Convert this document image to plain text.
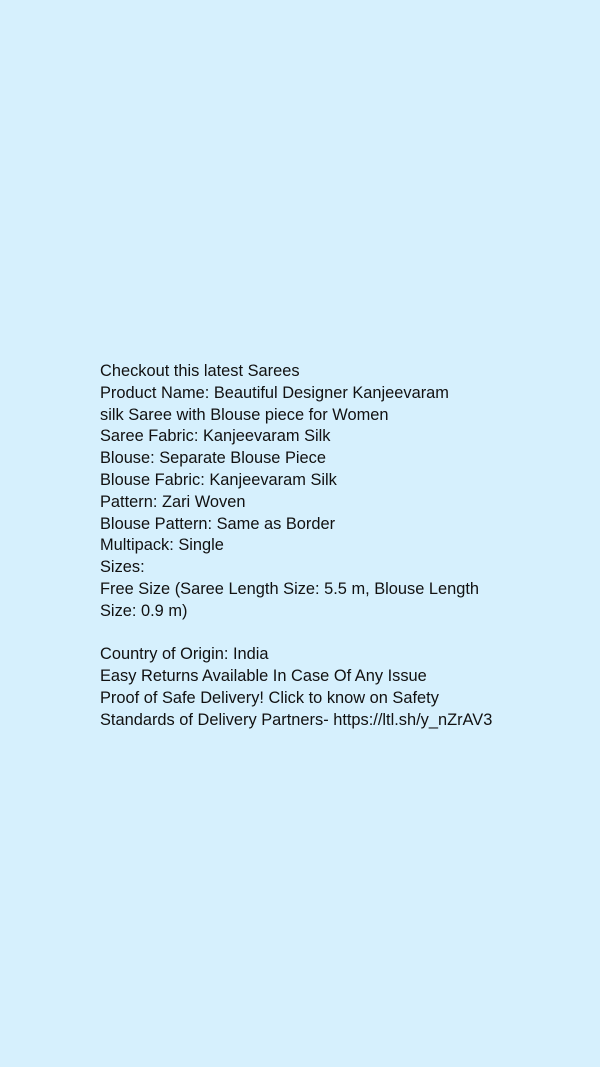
Checkout this latest Sarees
Product Name: Beautiful Designer Kanjeevaram
silk Saree with Blouse piece for Women
Saree Fabric: Kanjeevaram Silk
Blouse: Separate Blouse Piece
Blouse Fabric: Kanjeevaram Silk
Pattern: Zari Woven
Blouse Pattern: Same as Border
Multipack: Single
Sizes:
Free Size (Saree Length Size: 5.5 m, Blouse Length
Size: 0.9 m)
Country of Origin: India
Easy Returns Available In Case Of Any Issue
Proof of Safe Delivery! Click to know on Safety
Standards of Delivery Partners- https://ltl.sh/y_nZrAV3
